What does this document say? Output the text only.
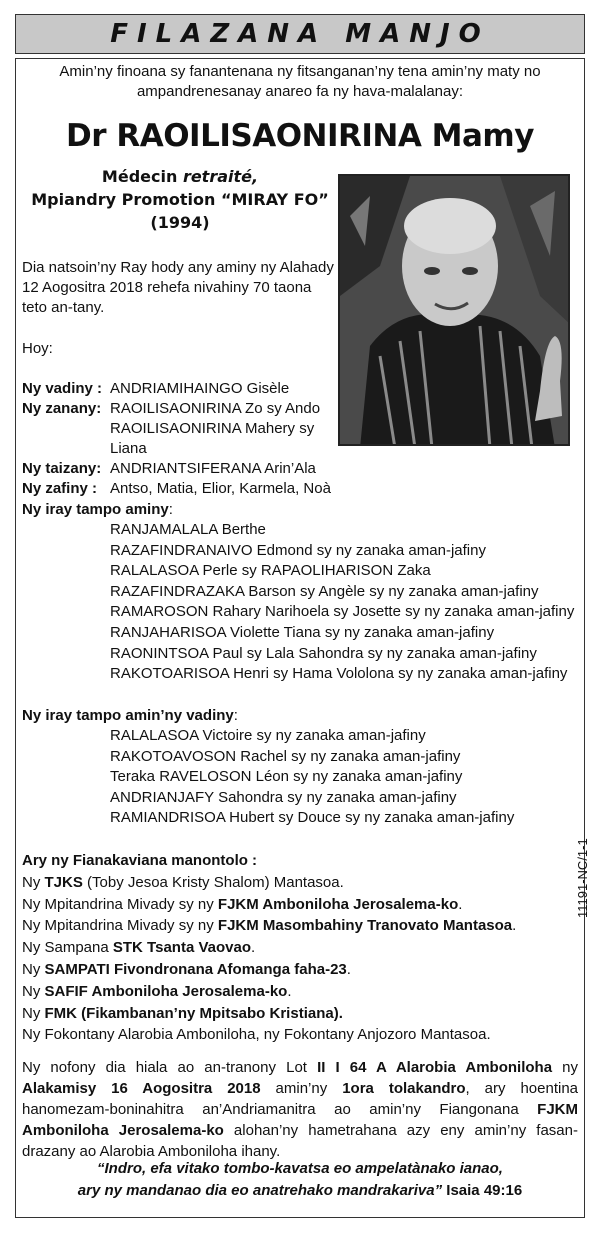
FILAZANA MANJO
Amin’ny finoana sy fanantenana ny fitsanganan’ny tena amin’ny maty no ampandrenesanay anareo fa ny hava-malalanay:
Dr RAOILISAONIRINA Mamy
Médecin retraité,
Mpiandry Promotion “MIRAY FO”
(1994)
Dia natsoin’ny Ray hody any aminy ny Alahady 12 Aogositra 2018 rehefa nivahiny 70 taona teto an-tany.
Hoy:
Ny vadiny : ANDRIAMIHAINGO Gisèle
Ny zanany: RAOILISAONIRINA Zo sy Ando
RAOILISAONIRINA Mahery sy Liana
Ny taizany: ANDRIANTSIFERANA Arin’Ala
Ny zafiny : Antso, Matia, Elior, Karmela, Noà
Ny iray tampo aminy:
RANJAMALALA Berthe
RAZAFINDRANAIVO Edmond sy ny zanaka aman-jafiny
RALALASOA Perle sy RAPAOLIHARISON Zaka
RAZAFINDRAZAKA Barson sy Angèle sy ny zanaka aman-jafiny
RAMAROSON Rahary Narihoela sy Josette sy ny zanaka aman-jafiny
RANJAHARISOA Violette Tiana sy ny zanaka aman-jafiny
RAONINTSOA Paul sy Lala Sahondra sy ny zanaka aman-jafiny
RAKOTOARISOA Henri sy Hama Vololona sy ny zanaka aman-jafiny
Ny iray tampo amin’ny vadiny:
RALALASOA Victoire sy ny zanaka aman-jafiny
RAKOTOAVOSON Rachel sy ny zanaka aman-jafiny
Teraka RAVELOSON Léon sy ny zanaka aman-jafiny
ANDRIANJAFY Sahondra sy ny zanaka aman-jafiny
RAMIANDRISOA Hubert sy Douce sy ny zanaka aman-jafiny
Ary ny Fianakaviana manontolo :
Ny TJKS (Toby Jesoa Kristy Shalom) Mantasoa.
Ny Mpitandrina Mivady sy ny FJKM Amboniloha Jerosalema-ko.
Ny Mpitandrina Mivady sy ny FJKM Masombahiny Tranovato Mantasoa.
Ny Sampana STK Tsanta Vaovao.
Ny SAMPATI Fivondronana Afomanga faha-23.
Ny SAFIF Amboniloha Jerosalema-ko.
Ny FMK (Fikambanan’ny Mpitsabo Kristiana).
Ny Fokontany Alarobia Amboniloha, ny Fokontany Anjozoro Mantasoa.
11191-NC/1-1
Ny nofony dia hiala ao an-tranony Lot II I 64 A Alarobia Amboniloha ny Alakamisy 16 Aogositra 2018 amin’ny 1ora tolakandro, ary hoentina hanomezam-boninahitra an’Andriamanitra ao amin’ny Fiangonana FJKM Amboniloha Jerosalema-ko alohan’ny hametrahana azy eny amin’ny fasan-drazany ao Alarobia Amboniloha ihany.
“Indro, efa vitako tombo-kavatsa eo ampelatànako ianao,
ary ny mandanao dia eo anatrehako mandrakariva” Isaia 49:16
